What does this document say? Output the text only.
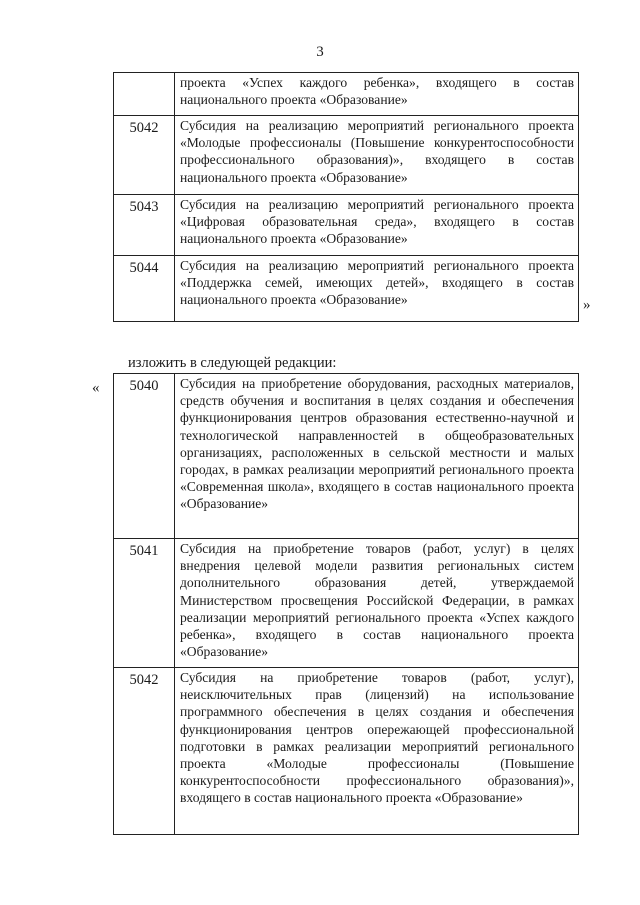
3
	проекта «Успех каждого ребенка», входящего в состав национального проекта «Образование»
5042	Субсидия на реализацию мероприятий регионального проекта «Молодые профессионалы (Повышение конкурентоспособности профессионального образования)», входящего в состав национального проекта «Образование»
5043	Субсидия на реализацию мероприятий регионального проекта «Цифровая образовательная среда», входящего в состав национального проекта «Образование»
5044	Субсидия на реализацию мероприятий регионального проекта «Поддержка семей, имеющих детей», входящего в состав национального проекта «Образование»	»
изложить в следующей редакции:
« 5040	Субсидия на приобретение оборудования, расходных материалов, средств обучения и воспитания в целях создания и обеспечения функционирования центров образования естественно-научной и технологической направленностей в общеобразовательных организациях, расположенных в сельской местности и малых городах, в рамках реализации мероприятий регионального проекта «Современная школа», входящего в состав национального проекта «Образование»
5041	Субсидия на приобретение товаров (работ, услуг) в целях внедрения целевой модели развития региональных систем дополнительного образования детей, утверждаемой Министерством просвещения Российской Федерации, в рамках реализации мероприятий регионального проекта «Успех каждого ребенка», входящего в состав национального проекта «Образование»
5042	Субсидия на приобретение товаров (работ, услуг), неисключительных прав (лицензий) на использование программного обеспечения в целях создания и обеспечения функционирования центров опережающей профессиональной подготовки в рамках реализации мероприятий регионального проекта «Молодые профессионалы (Повышение конкурентоспособности профессионального образования)», входящего в состав национального проекта «Образование»
